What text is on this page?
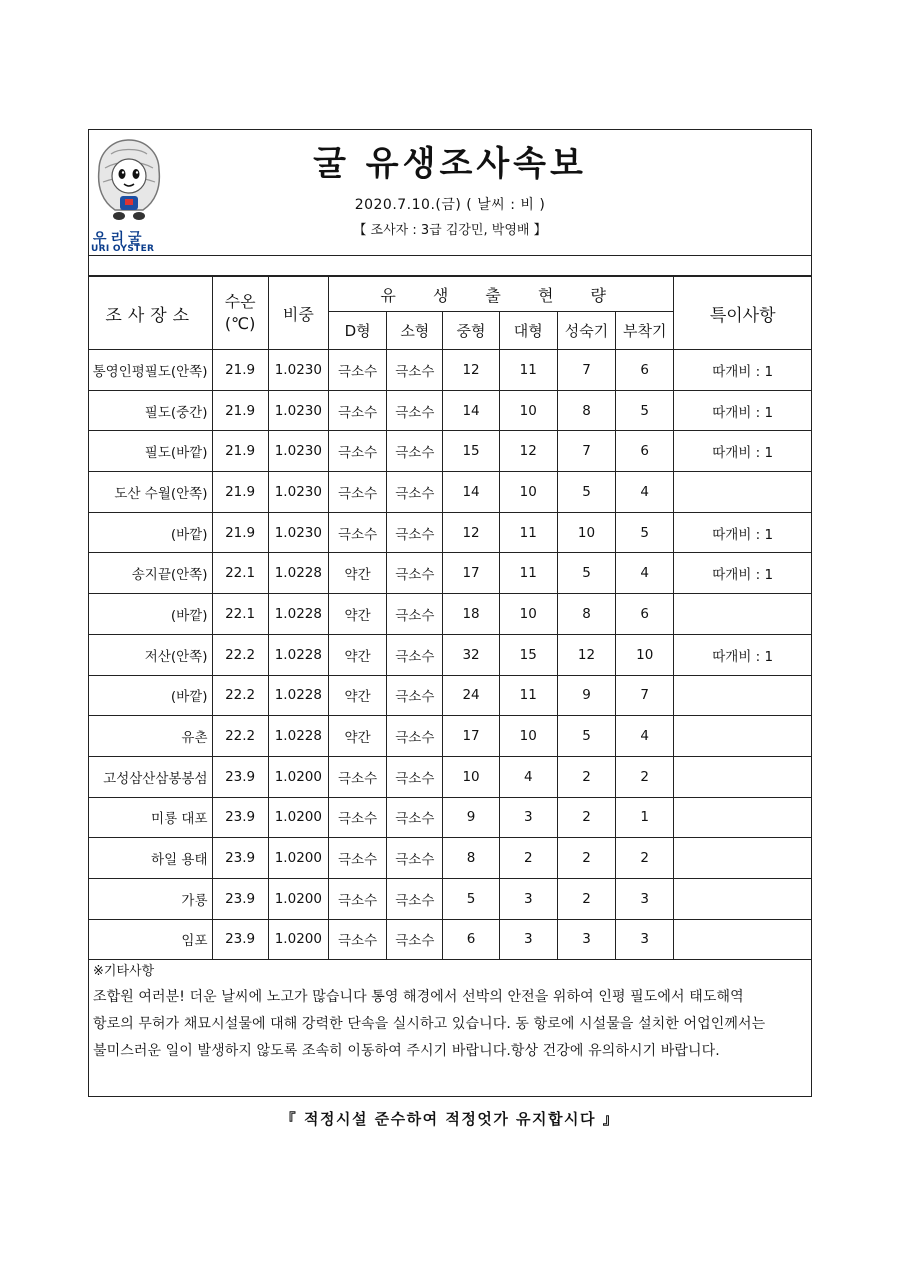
우리굴
URI OYSTER
굴 유생조사속보
2020.7.10.(금) ( 날씨 : 비 )
【 조사자 : 3급 김강민, 박영배 】
조사장소	수온(℃)	비중	유 생 출 현 량						특이사항
			D형	소형	중형	대형	성숙기	부착기	
통영인평필도(안쪽)	21.9	1.0230	극소수	극소수	12	11	7	6	따개비 : 1
필도(중간)	21.9	1.0230	극소수	극소수	14	10	8	5	따개비 : 1
필도(바깥)	21.9	1.0230	극소수	극소수	15	12	7	6	따개비 : 1
도산 수월(안쪽)	21.9	1.0230	극소수	극소수	14	10	5	4	
(바깥)	21.9	1.0230	극소수	극소수	12	11	10	5	따개비 : 1
송지끝(안쪽)	22.1	1.0228	약간	극소수	17	11	5	4	따개비 : 1
(바깥)	22.1	1.0228	약간	극소수	18	10	8	6	
저산(안쪽)	22.2	1.0228	약간	극소수	32	15	12	10	따개비 : 1
(바깥)	22.2	1.0228	약간	극소수	24	11	9	7	
유촌	22.2	1.0228	약간	극소수	17	10	5	4	
고성삼산삼봉봉섬	23.9	1.0200	극소수	극소수	10	4	2	2	
미룡 대포	23.9	1.0200	극소수	극소수	9	3	2	1	
하일 용태	23.9	1.0200	극소수	극소수	8	2	2	2	
가룡	23.9	1.0200	극소수	극소수	5	3	2	3	
임포	23.9	1.0200	극소수	극소수	6	3	3	3	
※기타사항
조합원 여러분! 더운 날씨에 노고가 많습니다 통영 해경에서 선박의 안전을 위하여 인평 필도에서 태도해역
항로의 무허가 채묘시설물에 대해 강력한 단속을 실시하고 있습니다. 동 항로에 시설물을 설치한 어업인께서는
불미스러운 일이 발생하지 않도록 조속히 이동하여 주시기 바랍니다.항상 건강에 유의하시기 바랍니다.
『 적정시설 준수하여 적정엇가 유지합시다 』
